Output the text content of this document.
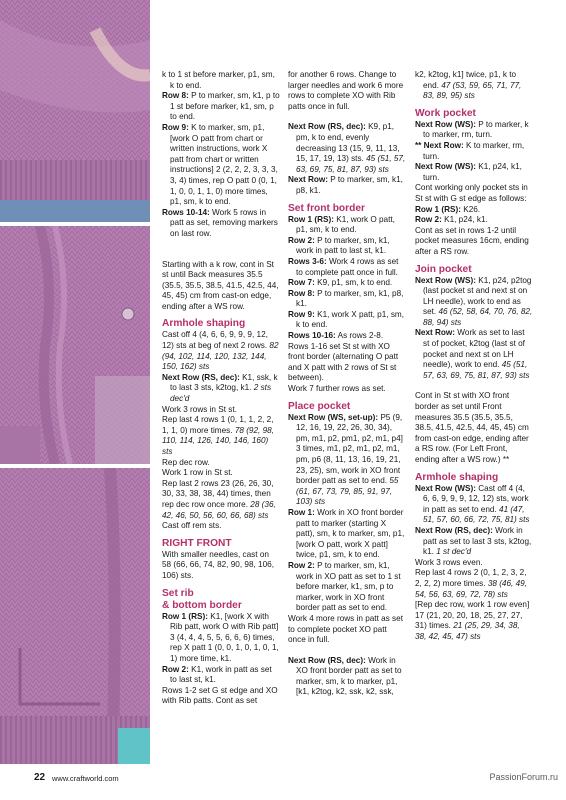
k to 1 st before marker, p1, sm, k to end.
Row 8: P to marker, sm, k1, p to 1 st before marker, k1, sm, p to end.
Row 9: K to marker, sm, p1, [work O patt from chart or written instructions, work X patt from chart or written instructions] 2 (2, 2, 2, 3, 3, 3, 3, 4) times, rep O patt 0 (0, 1, 1, 0, 0, 1, 1, 0) more times, p1, sm, k to end.
Rows 10-14: Work 5 rows in patt as set, removing markers on last row.
Starting with a k row, cont in St st until Back measures 35.5 (35.5, 35.5, 38.5, 41.5, 42.5, 44, 45, 45) cm from cast-on edge, ending after a WS row.
Armhole shaping
Cast off 4 (4, 6, 6, 9, 9, 9, 12, 12) sts at beg of next 2 rows. 82 (94, 102, 114, 120, 132, 144, 150, 162) sts
Next Row (RS, dec): K1, ssk, k to last 3 sts, k2tog, k1. 2 sts dec'd
Work 3 rows in St st.
Rep last 4 rows 1 (0, 1, 1, 2, 2, 1, 1, 0) more times. 78 (92, 98, 110, 114, 126, 140, 146, 160) sts
Rep dec row.
Work 1 row in St st.
Rep last 2 rows 23 (26, 26, 30, 30, 33, 38, 38, 44) times, then rep dec row once more. 28 (36, 42, 46, 50, 56, 60, 66, 68) sts
Cast off rem sts.
RIGHT FRONT
With smaller needles, cast on 58 (66, 66, 74, 82, 90, 98, 106, 106) sts.
Set rib
& bottom border
Row 1 (RS): K1, [work X with Rib patt, work O with Rib patt] 3 (4, 4, 4, 5, 5, 6, 6, 6) times, rep X patt 1 (0, 0, 1, 0, 1, 0, 1, 1) more time, k1.
Row 2: K1, work in patt as set to last st, k1.
Rows 1-2 set G st edge and XO with Rib patts. Cont as set
for another 6 rows. Change to larger needles and work 6 more rows to complete XO with Rib patts once in full.
Next Row (RS, dec): K9, p1, pm, k to end, evenly decreasing 13 (15, 9, 11, 13, 15, 17, 19, 13) sts. 45 (51, 57, 63, 69, 75, 81, 87, 93) sts
Next Row: P to marker, sm, k1, p8, k1.
Set front border
Row 1 (RS): K1, work O patt, p1, sm, k to end.
Row 2: P to marker, sm, k1, work in patt to last st, k1.
Rows 3-6: Work 4 rows as set to complete patt once in full.
Row 7: K9, p1, sm, k to end.
Row 8: P to marker, sm, k1, p8, k1.
Row 9: K1, work X patt, p1, sm, k to end.
Rows 10-16: As rows 2-8.
Rows 1-16 set St st with XO front border (alternating O patt and X patt with 2 rows of St st between).
Work 7 further rows as set.
Place pocket
Next Row (WS, set-up): P5 (9, 12, 16, 19, 22, 26, 30, 34), pm, m1, p2, pm1, p2, m1, p4] 3 times, m1, p2, m1, p2, m1, pm, p6 (8, 11, 13, 16, 19, 21, 23, 25), sm, work in XO front border patt as set to end. 55 (61, 67, 73, 79, 85, 91, 97, 103) sts
Row 1: Work in XO front border patt to marker (starting X patt), sm, k to marker, sm, p1, [work O patt, work X patt] twice, p1, sm, k to end.
Row 2: P to marker, sm, k1, work in XO patt as set to 1 st before marker, k1, sm, p to marker, work in XO front border patt as set to end.
Work 4 more rows in patt as set to complete pocket XO patt once in full.
Next Row (RS, dec): Work in XO front border patt as set to marker, sm, k to marker, p1, [k1, k2tog, k2, ssk, k2, ssk,
k2, k2tog, k1] twice, p1, k to end. 47 (53, 59, 65, 71, 77, 83, 89, 95) sts
Work pocket
Next Row (WS): P to marker, k to marker, rm, turn.
** Next Row: K to marker, rm, turn.
Next Row (WS): K1, p24, k1, turn.
Cont working only pocket sts in St st with G st edge as follows:
Row 1 (RS): K26.
Row 2: K1, p24, k1.
Cont as set in rows 1-2 until pocket measures 16cm, ending after a RS row.
Join pocket
Next Row (WS): K1, p24, p2tog (last pocket st and next st on LH needle), work to end as set. 46 (52, 58, 64, 70, 76, 82, 88, 94) sts
Next Row: Work as set to last st of pocket, k2tog (last st of pocket and next st on LH needle), work to end. 45 (51, 57, 63, 69, 75, 81, 87, 93) sts
Cont in St st with XO front border as set until Front measures 35.5 (35.5, 35.5, 38.5, 41.5, 42.5, 44, 45, 45) cm from cast-on edge, ending after a RS row. (For Left Front, ending after a WS row.) **
Armhole shaping
Next Row (WS): Cast off 4 (4, 6, 6, 9, 9, 9, 12, 12) sts, work in patt as set to end. 41 (47, 51, 57, 60, 66, 72, 75, 81) sts
Next Row (RS, dec): Work in patt as set to last 3 sts, k2tog, k1. 1 st dec'd
Work 3 rows even.
Rep last 4 rows 2 (0, 1, 2, 3, 2, 2, 2, 2) more times. 38 (46, 49, 54, 56, 63, 69, 72, 78) sts
[Rep dec row, work 1 row even] 17 (21, 20, 20, 18, 25, 27, 27, 31) times. 21 (25, 29, 34, 38, 38, 42, 45, 47) sts
22 www.craftworld.com	PassionForum.ru
